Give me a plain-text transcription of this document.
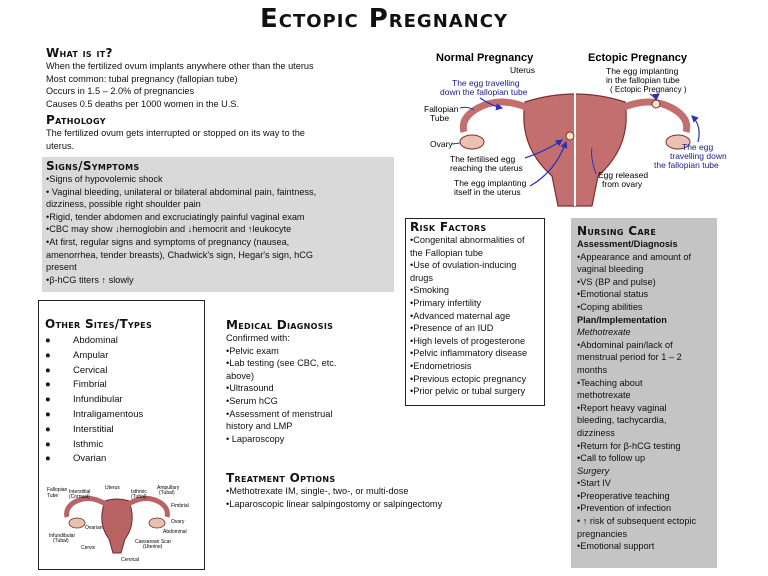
Ectopic Pregnancy
What is it?
When the fertilized ovum implants anywhere other than the uterus
Most common: tubal pregnancy (fallopian tube)
Occurs in 1.5 – 2.0% of pregnancies
Causes 0.5 deaths per 1000 women in the U.S.
Pathology
The fertilized ovum gets interrupted or stopped on its way to the
uterus.
Signs/Symptoms
•Signs of hypovolemic shock
• Vaginal bleeding, unilateral or bilateral abdominal pain, faintness,
dizziness, possible right shoulder pain
•Rigid, tender abdomen and excruciatingly painful vaginal exam
•CBC may show ↓hemoglobin and ↓hemocrit and ↑leukocyte
•At first, regular signs and symptoms of pregnancy (nausea,
amenorrhea, tender breasts), Chadwick's sign, Hegar's sign, hCG
present
•β-hCG titers ↑ slowly
Other Sites/Types
● Abdominal
● Ampular
● Cervical
● Fimbrial
● Infundibular
● Intraligamentous
● Interstitial
● Isthmic
● Ovarian
Fallopian
Tube
Interstitial
(Cornual)
Uterus
Isthmic
(Tubal)
Ampullary
(Tubal)
Fimbrial
Ovary
Ovarian
Abdominal
Infundibular
(Tubal)
Cervix
Caesarean Scar
(Uterine)
Cervical
Medical Diagnosis
Confirmed with:
•Pelvic exam
•Lab testing (see CBC, etc.
above)
•Ultrasound
•Serum hCG
•Assessment of menstrual
history and LMP
• Laparoscopy
Treatment Options
•Methotrexate IM, single-, two-, or multi-dose
•Laparoscopic linear salpingostomy or salpingectomy
Risk Factors
•Congenital abnormalities of
the Fallopian tube
•Use of ovulation-inducing
drugs
•Smoking
•Primary infertility
•Advanced maternal age
•Presence of an IUD
•High levels of progesterone
•Pelvic inflammatory disease
•Endometriosis
•Previous ectopic pregnancy
•Prior pelvic or tubal surgery
Nursing Care
Assessment/Diagnosis
•Appearance and amount of
vaginal bleeding
•VS (BP and pulse)
•Emotional status
•Coping abilities
Plan/Implementation
Methotrexate
•Abdominal pain/lack of
menstrual period for 1 – 2
months
•Teaching about
methotrexate
•Report heavy vaginal
bleeding, tachycardia,
dizziness
•Return for β-hCG testing
•Call to follow up
Surgery
•Start IV
•Preoperative teaching
•Prevention of infection
• ↑ risk of subsequent ectopic
pregnancies
•Emotional support
Normal Pregnancy	Ectopic Pregnancy
Uterus
The egg travelling
down the fallopian tube
The egg implanting
in the fallopian tube
( Ectopic Pregnancy )
Fallopian
Tube
Ovary
The fertilised egg
reaching the uterus
The egg implanting
itself in the uterus
The egg
travelling down
the fallopian tube
Egg released
from ovary
